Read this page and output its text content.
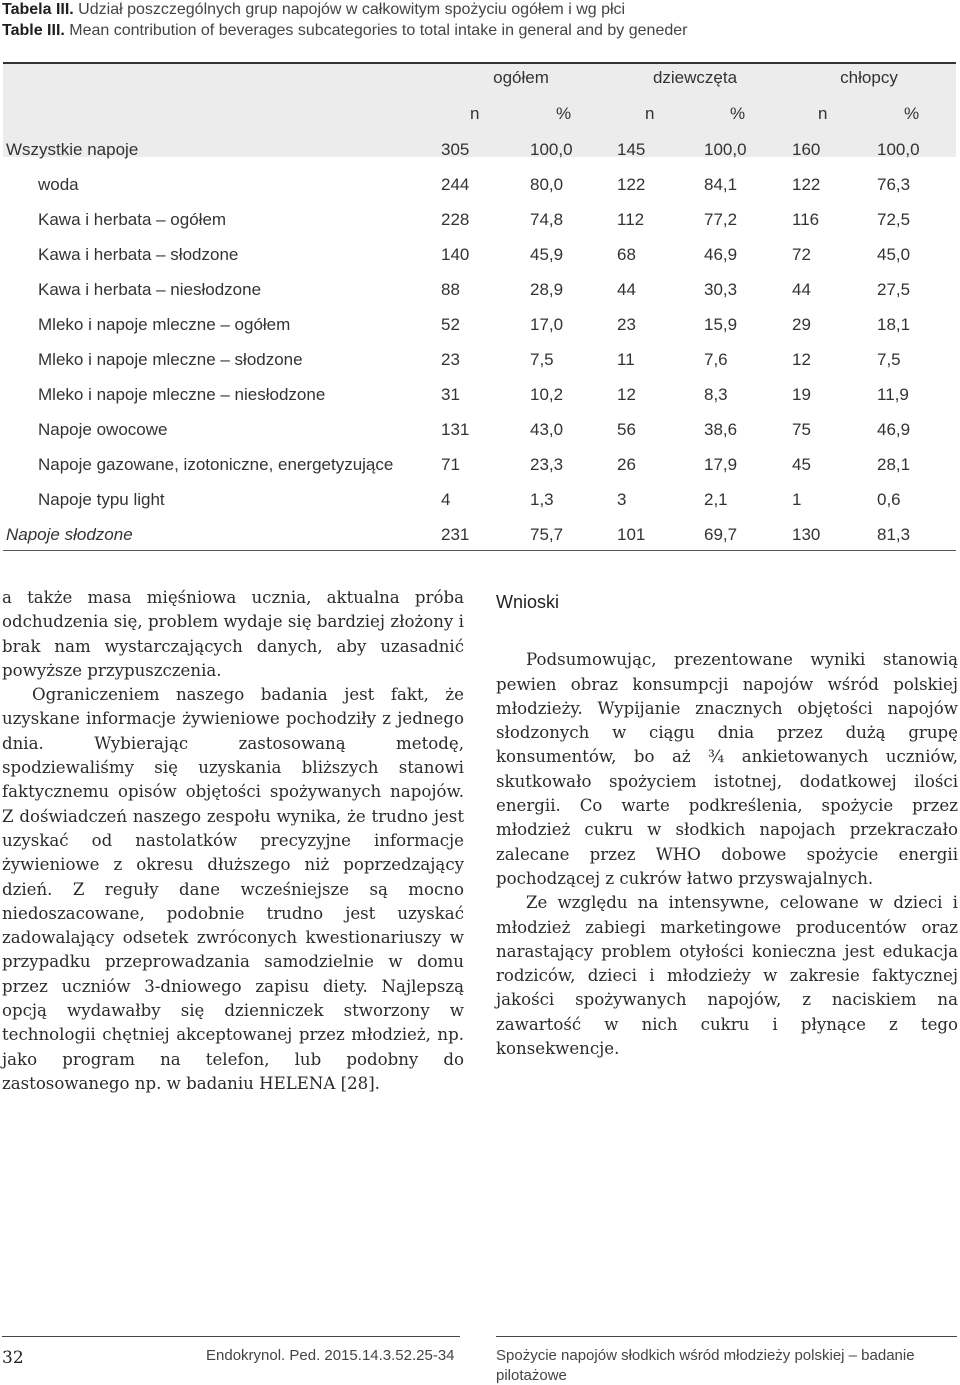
Tabela III. Udział poszczególnych grup napojów w całkowitym spożyciu ogółem i wg płci
Table III. Mean contribution of beverages subcategories to total intake in general and by geneder
ogółem	dziewczęta	chłopcy
n	%	n	%	n	%
Wszystkie napoje	305	100,0	145	100,0	160	100,0
woda	244	80,0	122	84,1	122	76,3
Kawa i herbata – ogółem	228	74,8	112	77,2	116	72,5
Kawa i herbata – słodzone	140	45,9	68	46,9	72	45,0
Kawa i herbata – niesłodzone	88	28,9	44	30,3	44	27,5
Mleko i napoje mleczne – ogółem	52	17,0	23	15,9	29	18,1
Mleko i napoje mleczne – słodzone	23	7,5	11	7,6	12	7,5
Mleko i napoje mleczne – niesłodzone	31	10,2	12	8,3	19	11,9
Napoje owocowe	131	43,0	56	38,6	75	46,9
Napoje gazowane, izotoniczne, energetyzujące	71	23,3	26	17,9	45	28,1
Napoje typu light	4	1,3	3	2,1	1	0,6
Napoje słodzone	231	75,7	101	69,7	130	81,3

a także masa mięśniowa ucznia, aktualna próba odchudzenia się, problem wydaje się bardziej złożony i brak nam wystarczających danych, aby uzasadnić powyższe przypuszczenia.

Ograniczeniem naszego badania jest fakt, że uzyskane informacje żywieniowe pochodziły z jednego dnia. Wybierając zastosowaną metodę, spodziewaliśmy się uzyskania bliższych stanowi faktycznemu opisów objętości spożywanych napojów. Z doświadczeń naszego zespołu wynika, że trudno jest uzyskać od nastolatków precyzyjne informacje żywieniowe z okresu dłuższego niż poprzedzający dzień. Z reguły dane wcześniejsze są mocno niedoszacowane, podobnie trudno jest uzyskać zadowalający odsetek zwróconych kwestionariuszy w przypadku przeprowadzania samodzielnie w domu przez uczniów 3-dniowego zapisu diety. Najlepszą opcją wydawałby się dzienniczek stworzony w technologii chętniej akceptowanej przez młodzież, np. jako program na telefon, lub podobny do zastosowanego np. w badaniu HELENA [28].

Wnioski

Podsumowując, prezentowane wyniki stanowią pewien obraz konsumpcji napojów wśród polskiej młodzieży. Wypijanie znacznych objętości napojów słodzonych w ciągu dnia przez dużą grupę konsumentów, bo aż ¾ ankietowanych uczniów, skutkowało spożyciem istotnej, dodatkowej ilości energii. Co warte podkreślenia, spożycie przez młodzież cukru w słodkich napojach przekraczało zalecane przez WHO dobowe spożycie energii pochodzącej z cukrów łatwo przyswajalnych.

Ze względu na intensywne, celowane w dzieci i młodzież zabiegi marketingowe producentów oraz narastający problem otyłości konieczna jest edukacja rodziców, dzieci i młodzieży w zakresie faktycznej jakości spożywanych napojów, z naciskiem na zawartość w nich cukru i płynące z tego konsekwencje.

32	Endokrynol. Ped. 2015.14.3.52.25-34	Spożycie napojów słodkich wśród młodzieży polskiej – badanie
pilotażowe
